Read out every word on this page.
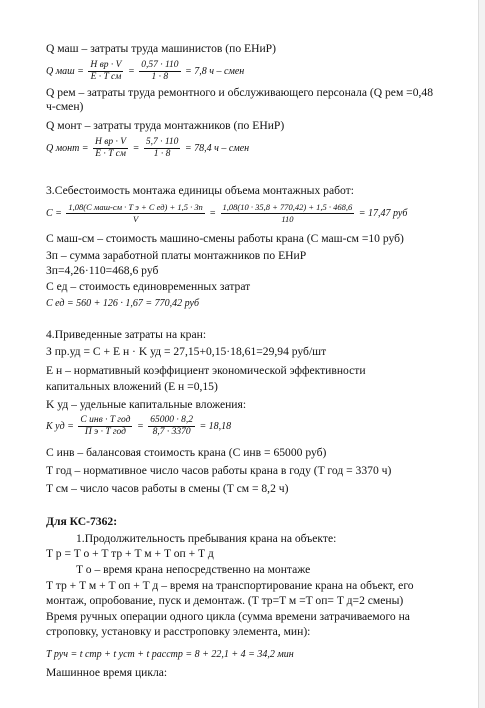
Q маш – затраты труда машинистов (по ЕНиР)
Q маш = $\frac{\text{H вр · V}}{\text{E · T см}} = \frac{0,57 \cdot 110}{1 \cdot 8} = 7,8$ ч – смен
Q рем – затраты труда ремонтного и обслуживающего персонала (Q рем =0,48
ч-смен)
Q монт – затраты труда монтажников (по ЕНиР)
Q монт = $\frac{\text{H вр · V}}{\text{E · T см}} = \frac{5,7 \cdot 110}{1 \cdot 8} = 78,4$ ч – смен
3.Себестоимость монтажа единицы объема монтажных работ:
$C = \frac{\text{1,08(C маш-см · T э + C ед) + 1,5 · Зп}}{V} = \frac{1,08(10 \cdot 35,8 + 770,42) + 1,5 \cdot 468,6}{110} = 17,47$ руб
C маш-см – стоимость машино-смены работы крана (C маш-см =10 руб)
Зп – сумма заработной платы монтажников по ЕНиР
Зп=4,26·110=468,6 руб
C ед – стоимость единовременных затрат
C ед = 560 + 126 · 1,67 = 770,42 руб
4.Приведенные затраты на кран:
З пр.уд = C + E н · K уд = 27,15+0,15·18,61=29,94 руб/шт
E н – нормативный коэффициент экономической эффективности
капитальных вложений (E н =0,15)
K уд – удельные капитальные вложения:
K уд = $\frac{\text{C инв · T год}}{\text{П э · T год}} = \frac{65000 \cdot 8,2}{8,7 \cdot 3370} = 18,18$
C инв – балансовая стоимость крана (C инв = 65000 руб)
T год – нормативное число часов работы крана в году (T год = 3370 ч)
T см – число часов работы в смены (T см = 8,2 ч)
Для КС-7362:
1.Продолжительность пребывания крана на объекте:
T p = T o + T тр + T м + T оп + T д
T o – время крана непосредственно на монтаже
T тр + T м + T оп + T д – время на транспортирование крана на объект, его
монтаж, опробование, пуск и демонтаж. (T тр=T м =T оп= T д=2 смены)
Время ручных операции одного цикла (сумма времени затрачиваемого на
строповку, установку и расстроповку элемента, мин):
T руч = t стр + t уст + t расстр = 8 + 22,1 + 4 = 34,2 мин
Машинное время цикла:
